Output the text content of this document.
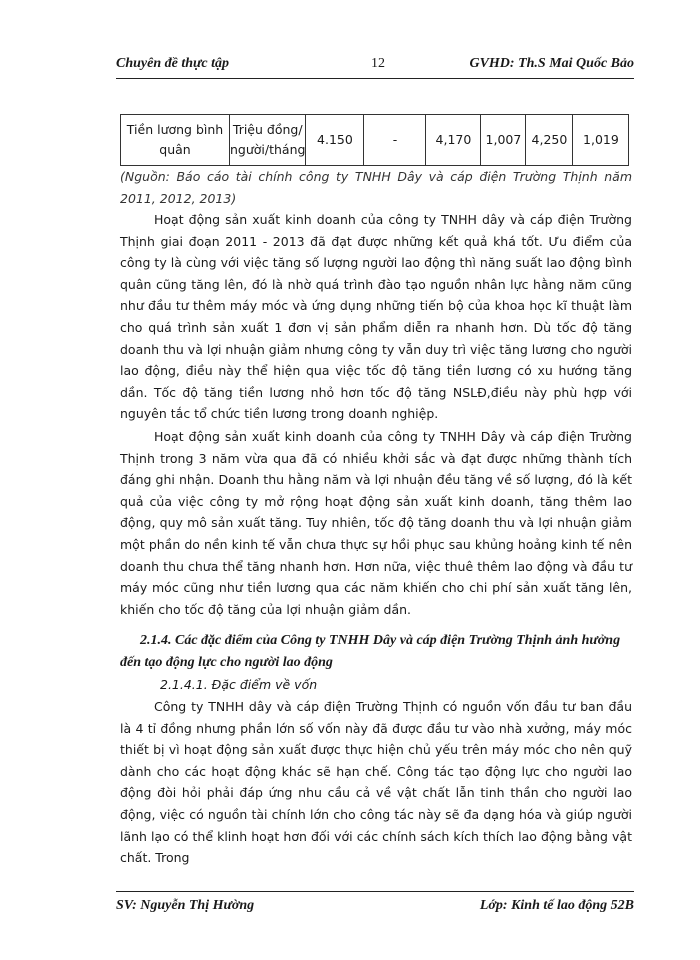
Chuyên đề thực tập	12	GVHD: Th.S Mai Quốc Bảo
Tiền lương bình quân	Triệu đồng/ người/tháng	4.150	-	4,170	1,007	4,250	1,019
(Nguồn: Báo cáo tài chính công ty TNHH Dây và cáp điện Trường Thịnh năm 2011, 2012, 2013)
Hoạt động sản xuất kinh doanh của công ty TNHH dây và cáp điện Trường Thịnh giai đoạn 2011 - 2013 đã đạt được những kết quả khá tốt. Ưu điểm của công ty là cùng với việc tăng số lượng người lao động thì năng suất lao động bình quân cũng tăng lên, đó là nhờ quá trình đào tạo nguồn nhân lực hằng năm cũng như đầu tư thêm máy móc và ứng dụng những tiến bộ của khoa học kĩ thuật làm cho quá trình sản xuất 1 đơn vị sản phẩm diễn ra nhanh hơn. Dù tốc độ tăng doanh thu và lợi nhuận giảm nhưng công ty vẫn duy trì việc tăng lương cho người lao động, điều này thể hiện qua việc tốc độ tăng tiền lương có xu hướng tăng dần. Tốc độ tăng tiền lương nhỏ hơn tốc độ tăng NSLĐ,điều này phù hợp với nguyên tắc tổ chức tiền lương trong doanh nghiệp.
Hoạt động sản xuất kinh doanh của công ty TNHH Dây và cáp điện Trường Thịnh trong 3 năm vừa qua đã có nhiều khởi sắc và đạt được những thành tích đáng ghi nhận. Doanh thu hằng năm và lợi nhuận đều tăng về số lượng, đó là kết quả của việc công ty mở rộng hoạt động sản xuất kinh doanh, tăng thêm lao động, quy mô sản xuất tăng. Tuy nhiên, tốc độ tăng doanh thu và lợi nhuận giảm một phần do nền kinh tế vẫn chưa thực sự hồi phục sau khủng hoảng kinh tế nên doanh thu chưa thể tăng nhanh hơn. Hơn nữa, việc thuê thêm lao động và đầu tư máy móc cũng như tiền lương qua các năm khiến cho chi phí sản xuất tăng lên, khiến cho tốc độ tăng của lợi nhuận giảm dần.
2.1.4. Các đặc điểm của Công ty TNHH Dây và cáp điện Trường Thịnh ảnh hưởng đến tạo động lực cho người lao động
2.1.4.1. Đặc điểm về vốn
Công ty TNHH dây và cáp điện Trường Thịnh có nguồn vốn đầu tư ban đầu là 4 tỉ đồng nhưng phần lớn số vốn này đã được đầu tư vào nhà xưởng, máy móc thiết bị vì hoạt động sản xuất được thực hiện chủ yếu trên máy móc cho nên quỹ dành cho các hoạt động khác sẽ hạn chế. Công tác tạo động lực cho người lao động đòi hỏi phải đáp ứng nhu cầu cả về vật chất lẫn tinh thần cho người lao động, việc có nguồn tài chính lớn cho công tác này sẽ đa dạng hóa và giúp người lãnh lạo có thể klinh hoạt hơn đối với các chính sách kích thích lao động bằng vật chất. Trong
SV: Nguyễn Thị Hường	Lớp: Kinh tế lao động 52B
